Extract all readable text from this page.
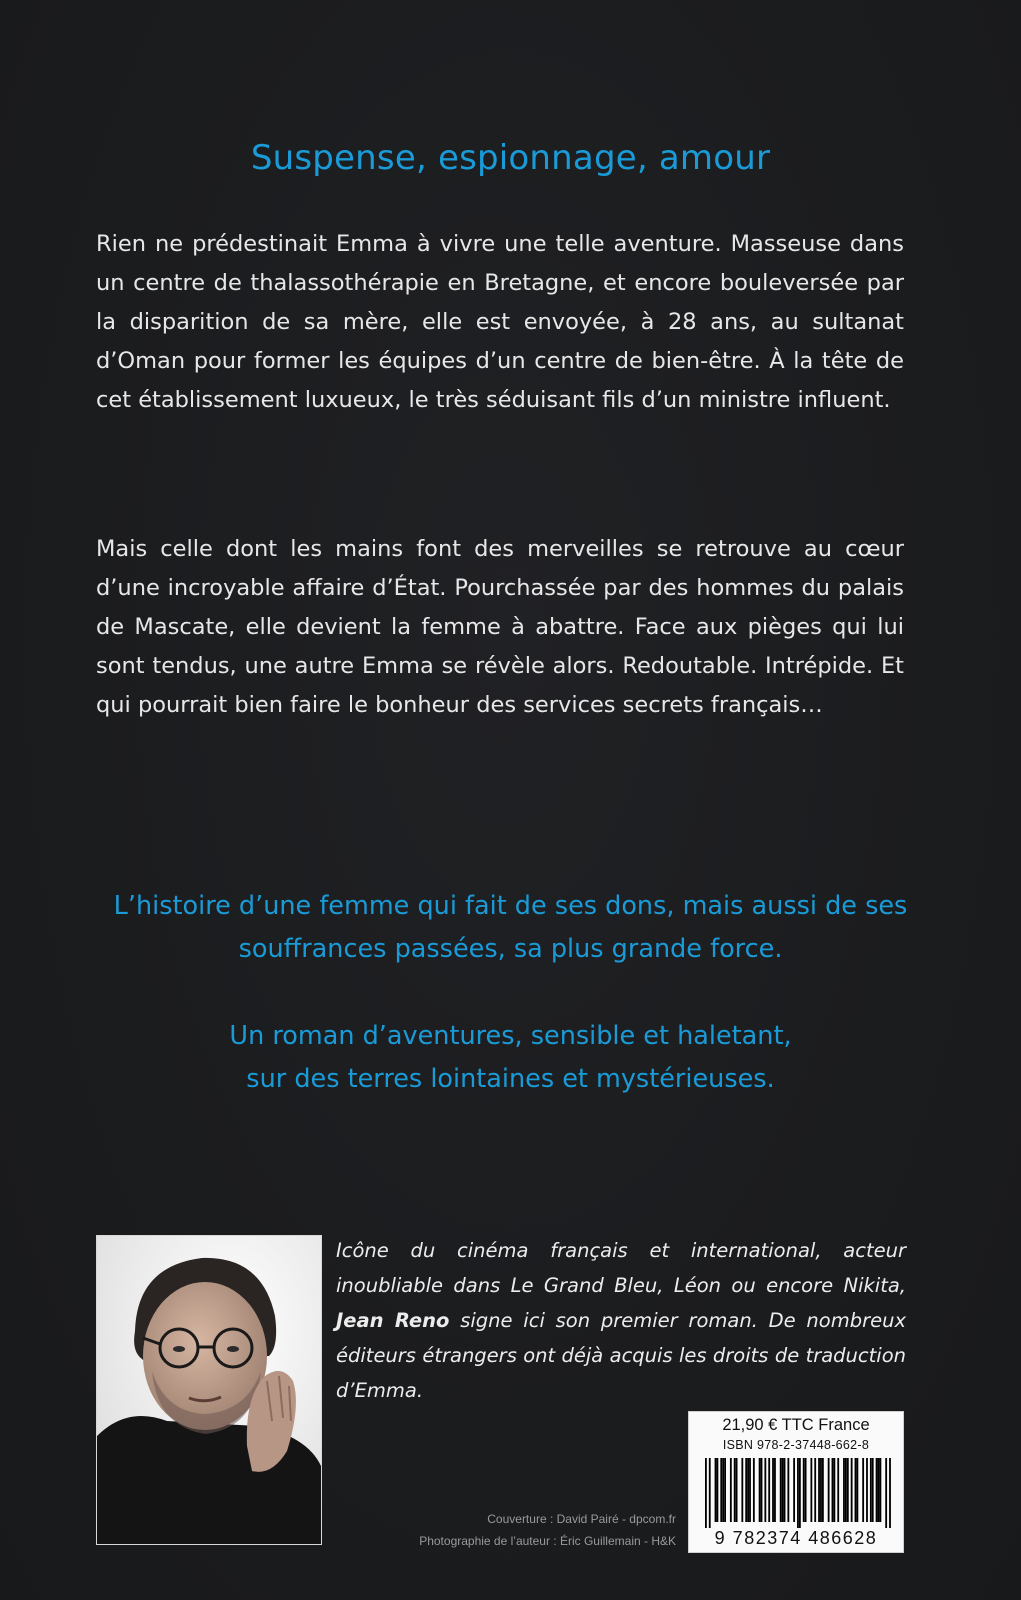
Suspense, espionnage, amour

Rien ne prédestinait Emma à vivre une telle aventure. Masseuse dans un centre de thalassothérapie en Bretagne, et encore bouleversée par la disparition de sa mère, elle est envoyée, à 28 ans, au sultanat d’Oman pour former les équipes d’un centre de bien-être. À la tête de cet établissement luxueux, le très séduisant fils d’un ministre influent.

Mais celle dont les mains font des merveilles se retrouve au cœur d’une incroyable affaire d’État. Pourchassée par des hommes du palais de Mascate, elle devient la femme à abattre. Face aux pièges qui lui sont tendus, une autre Emma se révèle alors. Redoutable. Intrépide. Et qui pourrait bien faire le bonheur des services secrets français…

L’histoire d’une femme qui fait de ses dons, mais aussi de ses
souffrances passées, sa plus grande force.

Un roman d’aventures, sensible et haletant,
sur des terres lointaines et mystérieuses.

Icône du cinéma français et international, acteur inoubliable dans Le Grand Bleu, Léon ou encore Nikita, Jean Reno signe ici son premier roman. De nombreux éditeurs étrangers ont déjà acquis les droits de traduction d’Emma.

Couverture : David Pairé - dpcom.fr
Photographie de l’auteur : Éric Guillemain - H&K
21,90 € TTC France
ISBN 978-2-37448-662-8
9 782374 486628
